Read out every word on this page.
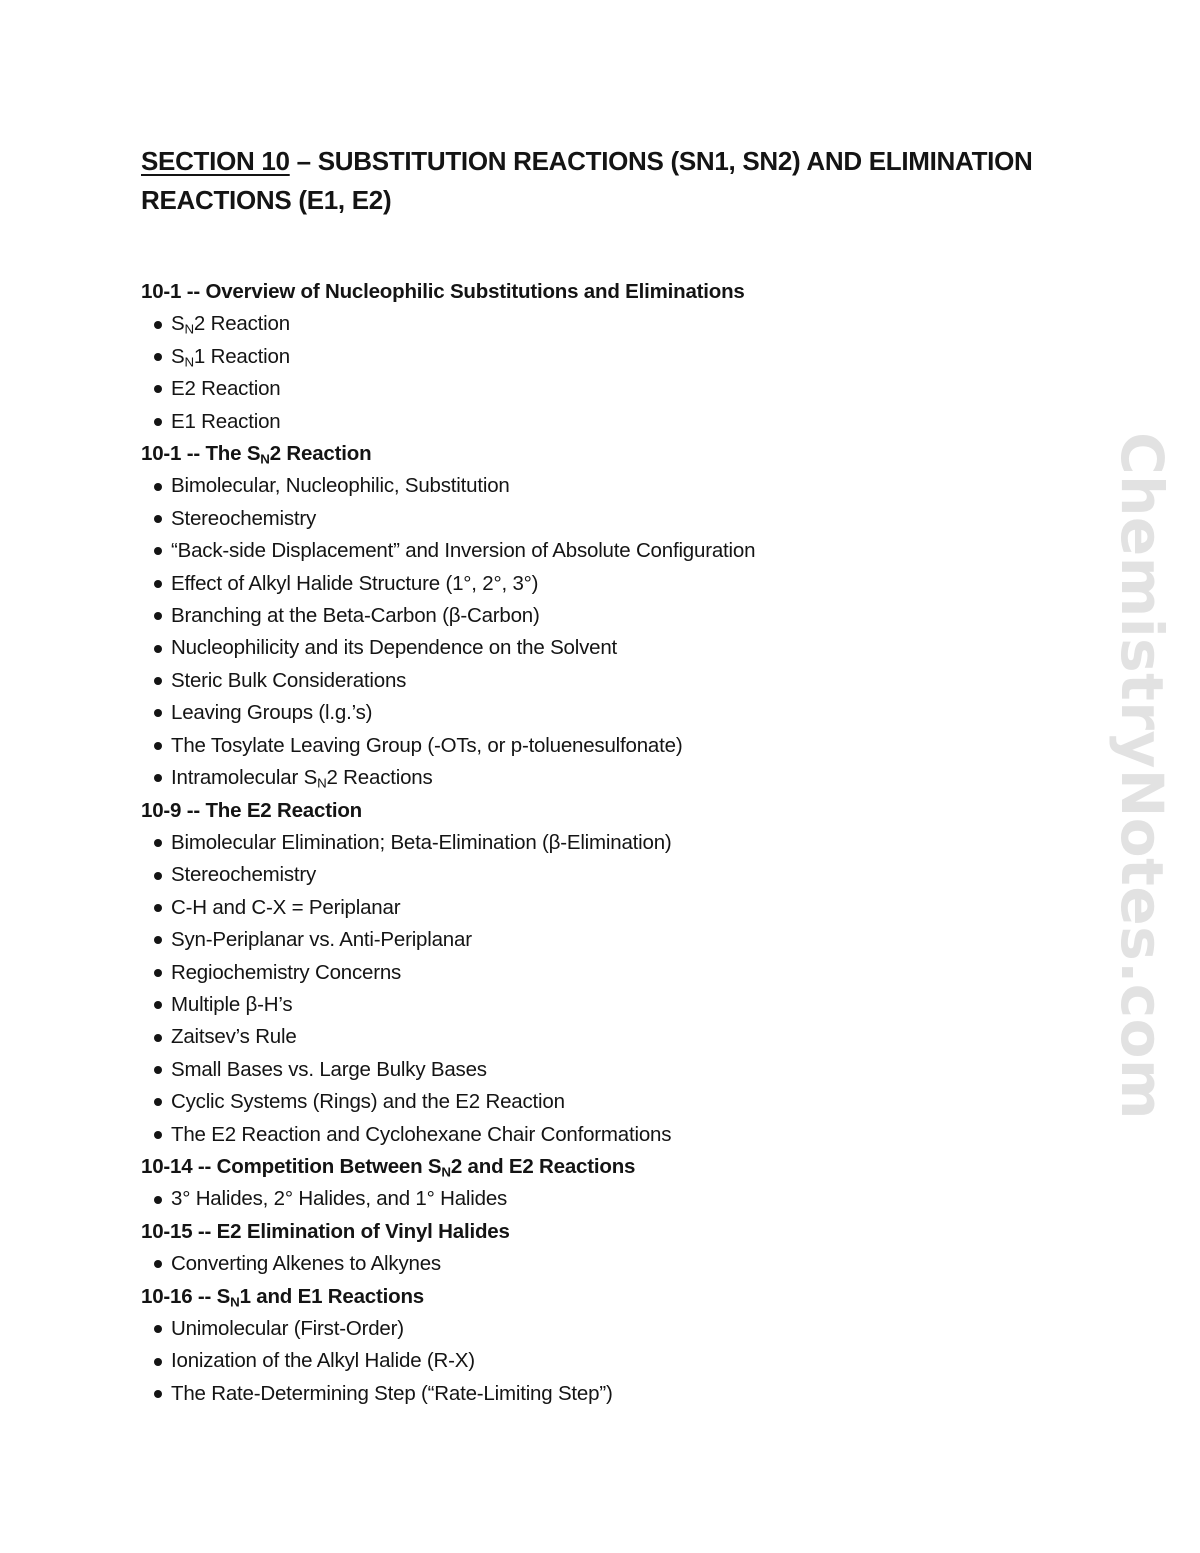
ChemistryNotes.com
SECTION 10 – SUBSTITUTION REACTIONS (SN1, SN2) AND ELIMINATION REACTIONS (E1, E2)
10-1 -- Overview of Nucleophilic Substitutions and Eliminations
$S_N2$ Reaction
$S_N1$ Reaction
E2 Reaction
E1 Reaction
10-1 -- The $S_N2$ Reaction
Bimolecular, Nucleophilic, Substitution
Stereochemistry
“Back-side Displacement” and Inversion of Absolute Configuration
Effect of Alkyl Halide Structure (1°, 2°, 3°)
Branching at the Beta-Carbon (β-Carbon)
Nucleophilicity and its Dependence on the Solvent
Steric Bulk Considerations
Leaving Groups (l.g.’s)
The Tosylate Leaving Group (-OTs, or p-toluenesulfonate)
Intramolecular $S_N2$ Reactions
10-9 -- The E2 Reaction
Bimolecular Elimination; Beta-Elimination (β-Elimination)
Stereochemistry
C-H and C-X = Periplanar
Syn-Periplanar vs. Anti-Periplanar
Regiochemistry Concerns
Multiple β-H’s
Zaitsev’s Rule
Small Bases vs. Large Bulky Bases
Cyclic Systems (Rings) and the E2 Reaction
The E2 Reaction and Cyclohexane Chair Conformations
10-14 -- Competition Between $S_N2$ and E2 Reactions
3° Halides, 2° Halides, and 1° Halides
10-15 -- E2 Elimination of Vinyl Halides
Converting Alkenes to Alkynes
$10-16 -- S_N1$ and E1 Reactions
Unimolecular (First-Order)
Ionization of the Alkyl Halide (R-X)
The Rate-Determining Step (“Rate-Limiting Step”)
